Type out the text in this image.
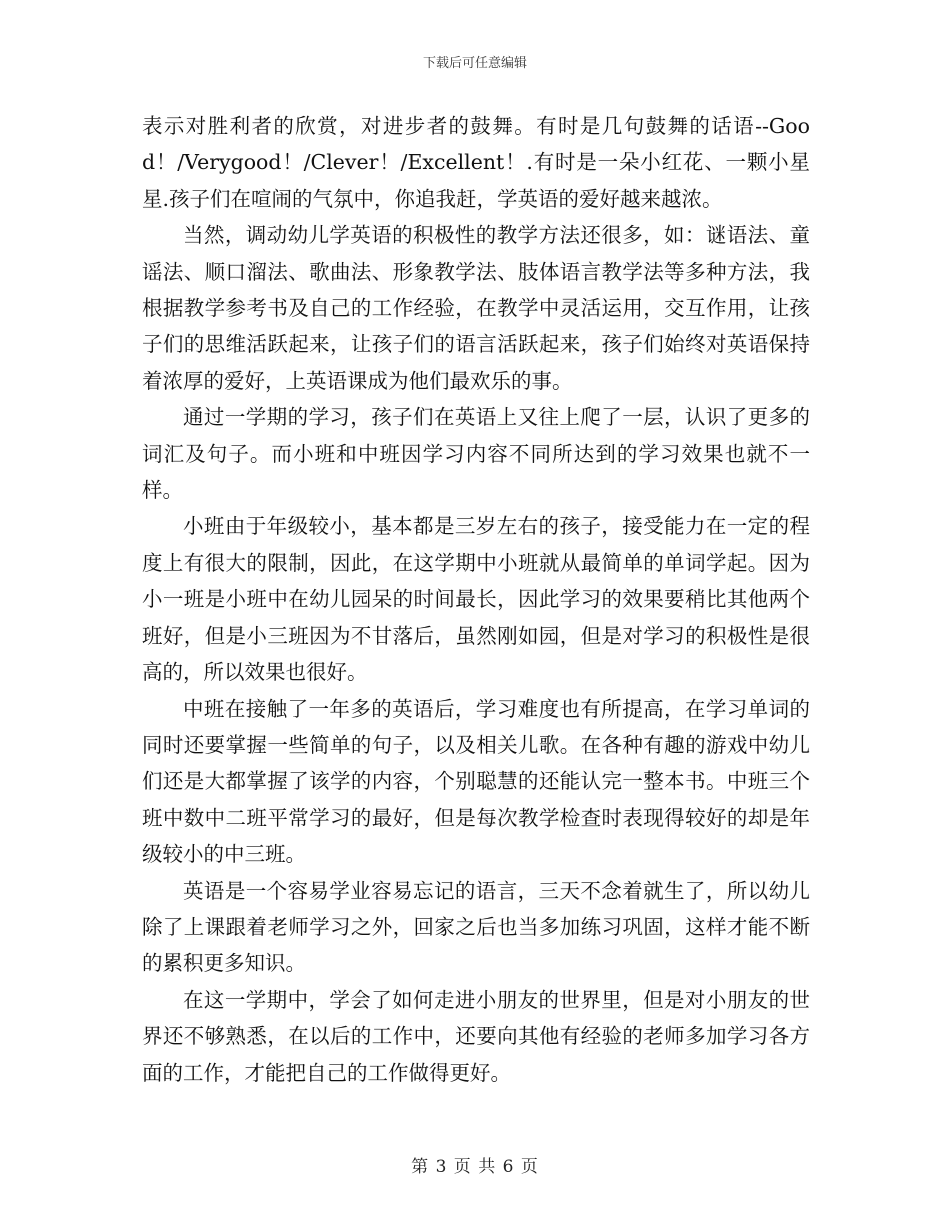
下载后可任意编辑

表示对胜利者的欣赏，对进步者的鼓舞。有时是几句鼓舞的话语--Good！/Verygood！/Clever！/Excellent！.有时是一朵小红花、一颗小星星.孩子们在喧闹的气氛中，你追我赶，学英语的爱好越来越浓。

当然，调动幼儿学英语的积极性的教学方法还很多，如：谜语法、童谣法、顺口溜法、歌曲法、形象教学法、肢体语言教学法等多种方法，我根据教学参考书及自己的工作经验，在教学中灵活运用，交互作用，让孩子们的思维活跃起来，让孩子们的语言活跃起来，孩子们始终对英语保持着浓厚的爱好，上英语课成为他们最欢乐的事。

通过一学期的学习，孩子们在英语上又往上爬了一层，认识了更多的词汇及句子。而小班和中班因学习内容不同所达到的学习效果也就不一样。

小班由于年级较小，基本都是三岁左右的孩子，接受能力在一定的程度上有很大的限制，因此，在这学期中小班就从最简单的单词学起。因为小一班是小班中在幼儿园呆的时间最长，因此学习的效果要稍比其他两个班好，但是小三班因为不甘落后，虽然刚如园，但是对学习的积极性是很高的，所以效果也很好。

中班在接触了一年多的英语后，学习难度也有所提高，在学习单词的同时还要掌握一些简单的句子，以及相关儿歌。在各种有趣的游戏中幼儿们还是大都掌握了该学的内容，个别聪慧的还能认完一整本书。中班三个班中数中二班平常学习的最好，但是每次教学检查时表现得较好的却是年级较小的中三班。

英语是一个容易学业容易忘记的语言，三天不念着就生了，所以幼儿除了上课跟着老师学习之外，回家之后也当多加练习巩固，这样才能不断的累积更多知识。

在这一学期中，学会了如何走进小朋友的世界里，但是对小朋友的世界还不够熟悉，在以后的工作中，还要向其他有经验的老师多加学习各方面的工作，才能把自己的工作做得更好。

第 3 页 共 6 页
